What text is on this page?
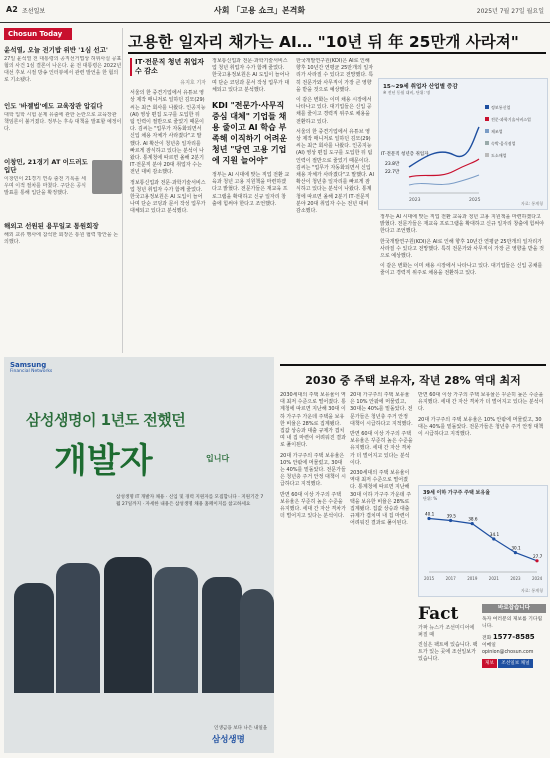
A2 조선일보	사회 「고용 쇼크」본격화	2025년 7월 27일 월요일
Chosun Today
윤석열, 오늘 전기밥 위반 '1심 선고'
27일 윤석열 전 대통령의 공직선거법상 허위사실 공표 혐의 사건 1심 결론이 나온다. 윤 전 대통령은 2022년 대선 후보 시절 방송 인터뷰에서 관련 발언을 한 혐의로 기소됐다.
인도 '바젤법'에도 교육장관 압길다
대학 입학 시험 문제 유출에 관한 논란으로 교육장관 책임론이 불거졌다. 정부는 후속 대책을 발표할 예정이다.
이창민, 21경기 AT 이드러도 입단
이창민이 21경기 연속 출전 기록을 세우며 이적 절차를 마쳤다. 구단은 공식 발표를 통해 입단을 확정했다.
해외고 선원된 용무일교 통원회장
해외 교류 행사에 참석한 회장은 통원 협력 방안을 논의했다.
고용한 일자리 채가는 AI… "10년 뒤 年 25만개 사라져"
IT·전문직 청년 취업자수 감소

유지호 기자

서울의 한 중견기업에서 유튜브 영상 제작 매니저로 일하던 김모(29)씨는 최근 회사를 나왔다. 인공지능(AI) 영상 편집 도구를 도입한 뒤 팀 인력이 절반으로 줄었기 때문이다. 김씨는 "업무가 자동화되면서 신입 채용 자체가 사라졌다"고 말했다. AI 확산이 청년층 일자리를 빠르게 잠식하고 있다는 분석이 나왔다. 통계청에 따르면 올해 2분기 IT·전문직 분야 20대 취업자 수는 전년 대비 감소했다.

정보통신업과 전문·과학기술서비스업 청년 취업자 수가 함께 줄었다. 한국고용정보원은 AI 도입이 늘어나며 단순 코딩과 문서 작성 업무가 대체되고 있다고 분석했다.

정보통신업과 전문·과학기술서비스업 청년 취업자 수가 함께 줄었다. 한국고용정보원은 AI 도입이 늘어나며 단순 코딩과 문서 작성 업무가 대체되고 있다고 분석했다.

KDI "전문가·사무직 중심 대체" 기업들 채용 줄이고 AI 학습 부족해 이직하기 어려운 청년 "당연 고용 기업에 지원 늘어야"

정부는 AI 시대에 맞는 직업 전환 교육과 청년 고용 지원책을 마련하겠다고 밝혔다. 전문가들은 재교육 프로그램을 확대하고 신규 일자리 창출에 힘써야 한다고 조언했다.

한국개발연구원(KDI)은 AI로 인해 향후 10년간 연평균 25만개의 일자리가 사라질 수 있다고 전망했다. 특히 전문가와 사무직이 가장 큰 영향을 받을 것으로 예상했다.

이 같은 변화는 이미 채용 시장에서 나타나고 있다. 대기업들은 신입 공채를 줄이고 경력직 위주로 채용을 전환하고 있다.

서울의 한 중견기업에서 유튜브 영상 제작 매니저로 일하던 김모(29)씨는 최근 회사를 나왔다. 인공지능(AI) 영상 편집 도구를 도입한 뒤 팀 인력이 절반으로 줄었기 때문이다. 김씨는 "업무가 자동화되면서 신입 채용 자체가 사라졌다"고 말했다. AI 확산이 청년층 일자리를 빠르게 잠식하고 있다는 분석이 나왔다. 통계청에 따르면 올해 2분기 IT·전문직 분야 20대 취업자 수는 전년 대비 감소했다.

정부는 AI 시대에 맞는 직업 전환 교육과 청년 고용 지원책을 마련하겠다고 밝혔다. 전문가들은 재교육 프로그램을 확대하고 신규 일자리 창출에 힘써야 한다고 조언했다.

한국개발연구원(KDI)은 AI로 인해 향후 10년간 연평균 25만개의 일자리가 사라질 수 있다고 전망했다. 특히 전문가와 사무직이 가장 큰 영향을 받을 것으로 예상했다.

이 같은 변화는 이미 채용 시장에서 나타나고 있다. 대기업들은 신입 공채를 줄이고 경력직 위주로 채용을 전환하고 있다.

15~29세 취업자 산업별 증감
※ 전년 동월 대비, 단위: 명
IT·전문직 청년층 취업자
23.8만
22.7만
2023	2025
정보통신업
전문·과학기술서비스업
제조업
숙박·음식점업
도소매업
자료: 통계청
Samsung
Financial Networks
삼성생명이 1년도 전했던
개발자	입니다
삼성생명 IT 개발자 채용 · 신입 및 경력 지원자를 모집합니다 · 지원기간 7월 27일까지 · 자세한 내용은 삼성생명 채용 홈페이지를 참고하세요
인생금융 보다 나은 내일을
삼성생명
2030 중 주택 보유자, 작년 28% 역대 최저

2030세대의 주택 보유율이 역대 최저 수준으로 떨어졌다. 통계청에 따르면 지난해 30대 이하 가구주 가운데 주택을 보유한 비율은 28%로 집계됐다. 집값 상승과 대출 규제가 겹치며 내 집 마련이 어려워진 결과로 풀이된다.

20대 가구주의 주택 보유율은 10% 안팎에 머물렀고, 30대는 40%를 밑돌았다. 전문가들은 청년층 주거 안정 대책이 시급하다고 지적했다.

반면 60대 이상 가구의 주택 보유율은 꾸준히 높은 수준을 유지했다. 세대 간 자산 격차가 더 벌어지고 있다는 분석이다.

20대 가구주의 주택 보유율은 10% 안팎에 머물렀고, 30대는 40%를 밑돌았다. 전문가들은 청년층 주거 안정 대책이 시급하다고 지적했다.

반면 60대 이상 가구의 주택 보유율은 꾸준히 높은 수준을 유지했다. 세대 간 자산 격차가 더 벌어지고 있다는 분석이다.

2030세대의 주택 보유율이 역대 최저 수준으로 떨어졌다. 통계청에 따르면 지난해 30대 이하 가구주 가운데 주택을 보유한 비율은 28%로 집계됐다. 집값 상승과 대출 규제가 겹치며 내 집 마련이 어려워진 결과로 풀이된다.

반면 60대 이상 가구의 주택 보유율은 꾸준히 높은 수준을 유지했다. 세대 간 자산 격차가 더 벌어지고 있다는 분석이다.

20대 가구주의 주택 보유율은 10% 안팎에 머물렀고, 30대는 40%를 밑돌았다. 전문가들은 청년층 주거 안정 대책이 시급하다고 지적했다.

39세 이하 가구주 주택 보유율
단위: %
40.1
2015
39.5
2017
38.6
2019
34.1
2021
30.1
2023
27.7
2024
자료: 통계청
Fact
가짜 뉴스가 조선미디어에 퍼질 때
진실은 팩트에 있습니다. 팩트가 있는 곳에 조선일보가 있습니다.
바로잡습니다
독자 여러분의 제보를 기다립니다.
전화 1577-8585
이메일 opinion@chosun.com
제보 조선일보 채널
